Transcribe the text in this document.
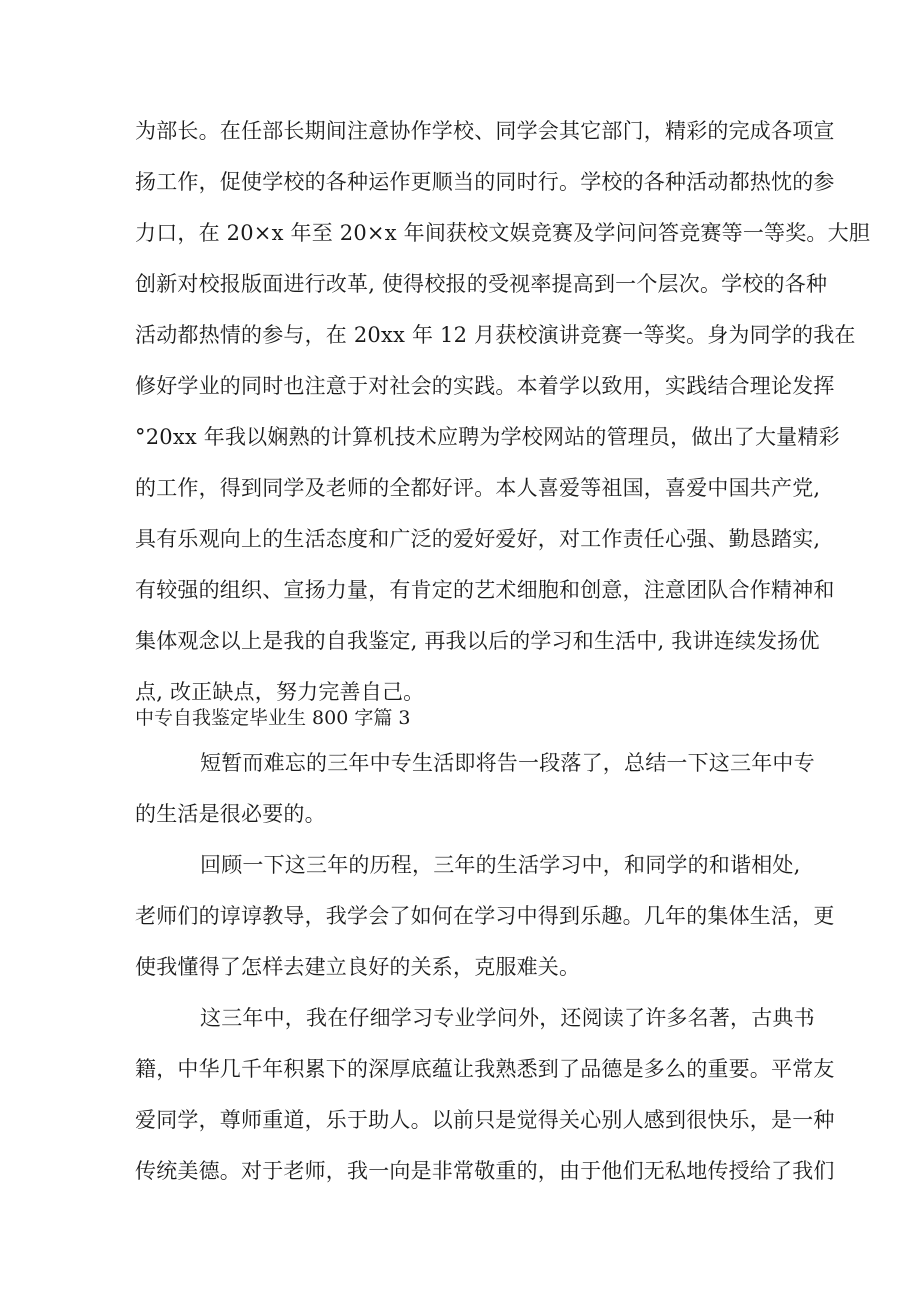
为部长。在任部长期间注意协作学校、同学会其它部门，精彩的完成各项宣
扬工作，促使学校的各种运作更顺当的同时行。学校的各种活动都热忱的参
力口，在 20×x 年至 20×x 年间获校文娱竞赛及学问问答竞赛等一等奖。大胆
创新对校报版面进行改革, 使得校报的受视率提高到一个层次。学校的各种
活动都热情的参与，在 20xx 年 12 月获校演讲竞赛一等奖。身为同学的我在
修好学业的同时也注意于对社会的实践。本着学以致用，实践结合理论发挥
°20xx 年我以娴熟的计算机技术应聘为学校网站的管理员，做出了大量精彩
的工作，得到同学及老师的全都好评。本人喜爱等祖国，喜爱中国共产党,
具有乐观向上的生活态度和广泛的爱好爱好，对工作责任心强、勤恳踏实,
有较强的组织、宣扬力量，有肯定的艺术细胞和创意，注意团队合作精神和
集体观念以上是我的自我鉴定, 再我以后的学习和生活中, 我讲连续发扬优
点, 改正缺点，努力完善自己。
中专自我鉴定毕业生 800 字篇 3
短暂而难忘的三年中专生活即将告一段落了，总结一下这三年中专
的生活是很必要的。
回顾一下这三年的历程，三年的生活学习中，和同学的和谐相处,
老师们的谆谆教导，我学会了如何在学习中得到乐趣。几年的集体生活，更
使我懂得了怎样去建立良好的关系，克服难关。
这三年中，我在仔细学习专业学问外，还阅读了许多名著，古典书
籍，中华几千年积累下的深厚底蕴让我熟悉到了品德是多么的重要。平常友
爱同学，尊师重道，乐于助人。以前只是觉得关心别人感到很快乐，是一种
传统美德。对于老师，我一向是非常敬重的，由于他们无私地传授给了我们
